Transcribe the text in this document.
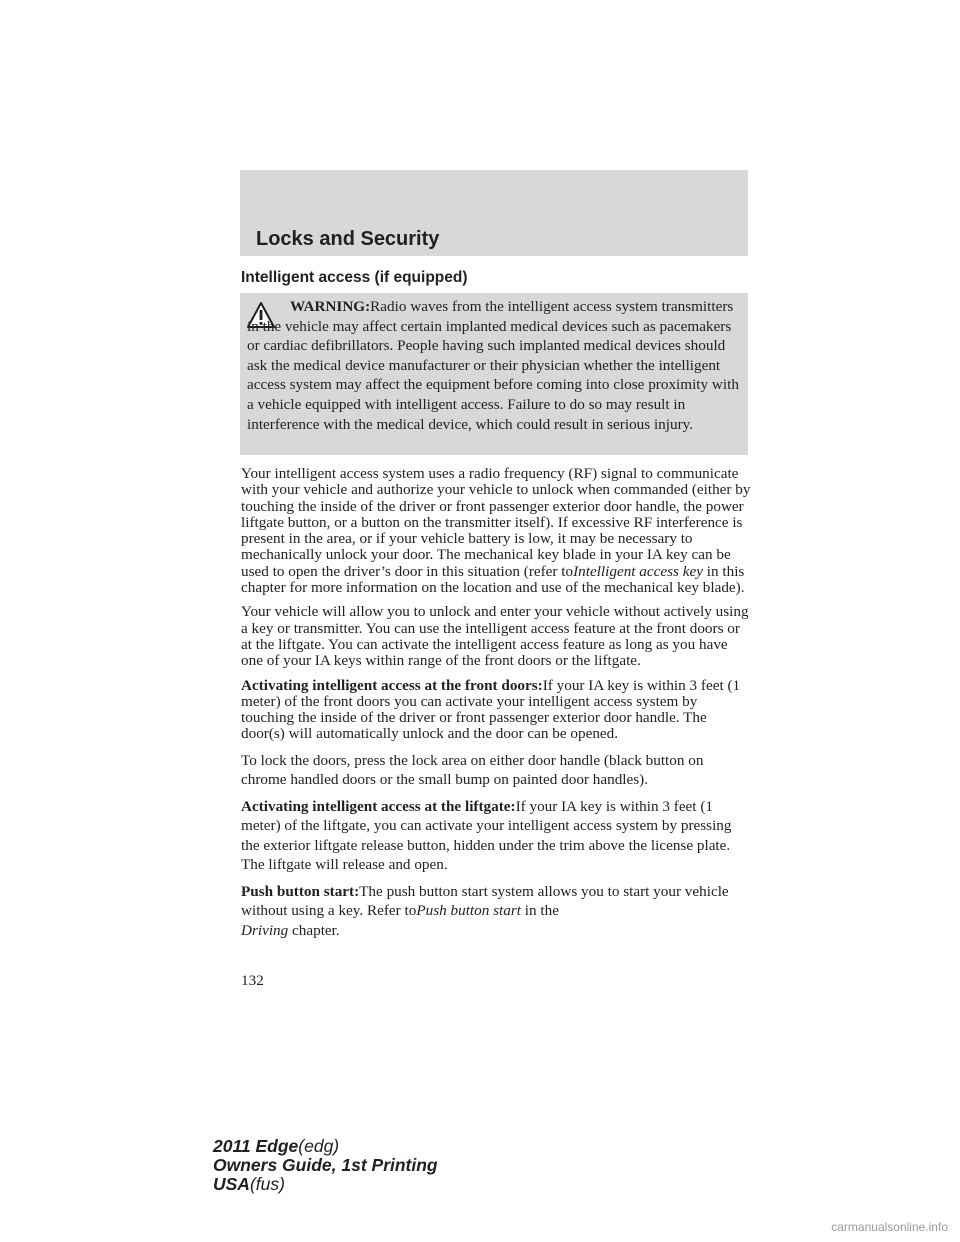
Locks and Security
Intelligent access (if equipped)

WARNING:Radio waves from the intelligent access system transmitters in the vehicle may affect certain implanted medical devices such as pacemakers or cardiac defibrillators. People having such implanted medical devices should ask the medical device manufacturer or their physician whether the intelligent access system may affect the equipment before coming into close proximity with a vehicle equipped with intelligent access. Failure to do so may result in interference with the medical device, which could result in serious injury.

Your intelligent access system uses a radio frequency (RF) signal to communicate with your vehicle and authorize your vehicle to unlock when commanded (either by touching the inside of the driver or front passenger exterior door handle, the power liftgate button, or a button on the transmitter itself). If excessive RF interference is present in the area, or if your vehicle battery is low, it may be necessary to mechanically unlock your door. The mechanical key blade in your IA key can be used to open the driver’s door in this situation (refer toIntelligent access key in this chapter for more information on the location and use of the mechanical key blade).

Your vehicle will allow you to unlock and enter your vehicle without actively using a key or transmitter. You can use the intelligent access feature at the front doors or at the liftgate. You can activate the intelligent access feature as long as you have one of your IA keys within range of the front doors or the liftgate.

Activating intelligent access at the front doors:If your IA key is within 3 feet (1 meter) of the front doors you can activate your intelligent access system by touching the inside of the driver or front passenger exterior door handle. The door(s) will automatically unlock and the door can be opened.

To lock the doors, press the lock area on either door handle (black button on chrome handled doors or the small bump on painted door handles).

Activating intelligent access at the liftgate:If your IA key is within 3 feet (1 meter) of the liftgate, you can activate your intelligent access system by pressing the exterior liftgate release button, hidden under the trim above the license plate. The liftgate will release and open.

Push button start:The push button start system allows you to start your vehicle without using a key. Refer toPush button start in the
Driving chapter.

132
2011 Edge(edg)
Owners Guide, 1st Printing
USA(fus)
carmanualsonline.info
